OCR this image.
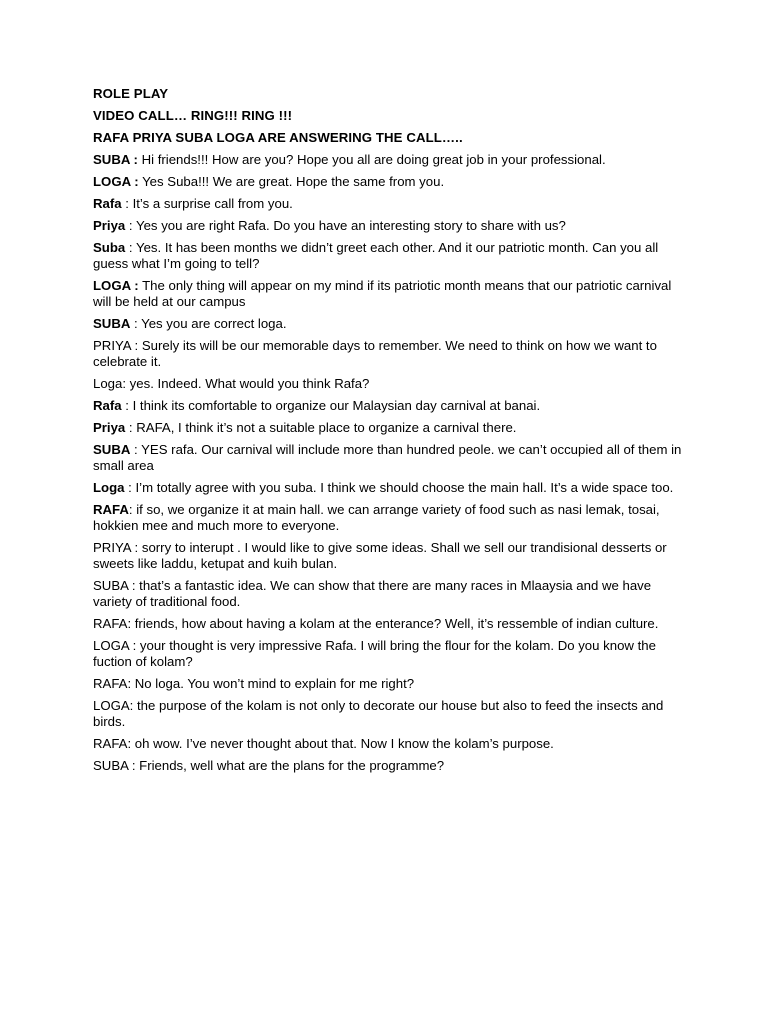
ROLE PLAY
VIDEO CALL… RING!!! RING !!!
RAFA PRIYA SUBA LOGA ARE ANSWERING THE CALL…..
SUBA : Hi friends!!! How are you? Hope you all are doing great job in your professional.
LOGA : Yes Suba!!! We are great. Hope the same from you.
Rafa : It’s a surprise call from you.
Priya : Yes you are right Rafa. Do you have an interesting story to share with us?
Suba : Yes. It has been months we didn’t greet each other. And it our patriotic month. Can you all guess what I’m going to tell?
LOGA : The only thing will appear on my mind if its patriotic month means that our patriotic carnival will be held at our campus
SUBA : Yes you are correct loga.
PRIYA : Surely its will be our memorable days to remember. We need to think on how we want to celebrate it.
Loga: yes. Indeed. What would you think Rafa?
Rafa : I think its comfortable to organize our Malaysian day carnival at banai.
Priya : RAFA, I think it’s not a suitable place to organize a carnival there.
SUBA : YES rafa. Our carnival will include more than hundred peole. we can’t occupied all of them in small area
Loga : I’m totally agree with you suba. I think we should choose the main hall. It’s a wide space too.
RAFA: if so, we organize it at main hall. we can arrange variety of food such as nasi lemak, tosai, hokkien mee and much more to everyone.
PRIYA : sorry to interupt . I would like to give some ideas. Shall we sell our trandisional desserts or sweets like laddu, ketupat and kuih bulan.
SUBA : that’s a fantastic idea. We can show that there are many races in Mlaaysia and we have variety of traditional food.
RAFA: friends, how about having a kolam at the enterance? Well, it’s ressemble of indian culture.
LOGA : your thought is very impressive Rafa. I will bring the flour for the kolam. Do you know the fuction of kolam?
RAFA: No loga. You won’t mind to explain for me right?
LOGA: the purpose of the kolam is not only to decorate our house but also to feed the insects and birds.
RAFA: oh wow. I’ve never thought about that. Now I know the kolam’s purpose.
SUBA : Friends, well what are the plans for the programme?
